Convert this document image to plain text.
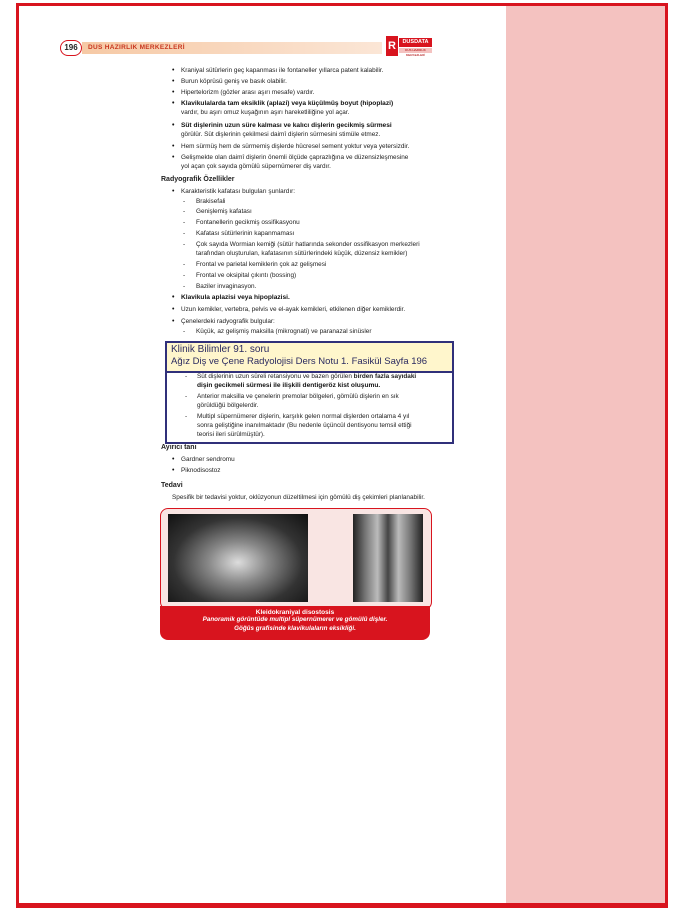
196	DUS HAZIRLIK MERKEZLERİ	R	DUSDATA
DUS HAZIRLIK MERKEZLERİ
• Kraniyal sütürlerin geç kapanması ile fontaneller yıllarca patent kalabilir.
• Burun köprüsü geniş ve basık olabilir.
• Hipertelorizm (gözler arası aşırı mesafe) vardır.
• Klavikulalarda tam eksiklik (aplazi) veya küçülmüş boyut (hipoplazi)
vardır, bu aşırı omuz kuşağının aşırı hareketliliğine yol açar.
• Süt dişlerinin uzun süre kalması ve kalıcı dişlerin gecikmiş sürmesi
görülür. Süt dişlerinin çekilmesi daimî dişlerin sürmesini stimüle etmez.
• Hem sürmüş hem de sürmemiş dişlerde hücresel sement yoktur veya yetersizdir.
• Gelişmekte olan daimî dişlerin önemli ölçüde çaprazlığına ve düzensizleşmesine
yol açan çok sayıda gömülü süpernümerer diş vardır.
Radyografik Özellikler
• Karakteristik kafatası bulguları şunlardır:
- Brakisefali
- Genişlemiş kafatası
- Fontanellerin gecikmiş ossifikasyonu
- Kafatası sütürlerinin kapanmaması
- Çok sayıda Wormian kemiği (sütür hatlarında sekonder ossifikasyon merkezleri
tarafından oluşturulan, kafatasının sütürlerindeki küçük, düzensiz kemikler)
- Frontal ve parietal kemiklerin çok az gelişmesi
- Frontal ve oksipital çıkıntı (bossing)
- Baziler invaginasyon.
• Klavikula aplazisi veya hipoplazisi.
• Uzun kemikler, vertebra, pelvis ve el-ayak kemikleri, etkilenen diğer kemiklerdir.
• Çenelerdeki radyografik bulgular:
- Küçük, az gelişmiş maksilla (mikrognati) ve paranazal sinüsler
Klinik Bilimler 91. soru
Ağız Diş ve Çene Radyolojisi Ders Notu 1. Fasikül Sayfa 196
- Süt dişlerinin uzun süreli retansiyonu ve bazen görülen birden fazla sayıdaki
dişin gecikmeli sürmesi ile ilişkili dentigeröz kist oluşumu.
- Anterior maksilla ve çenelerin premolar bölgeleri, gömülü dişlerin en sık
görüldüğü bölgelerdir.
- Multipl süpernümerer dişlerin, karşılık gelen normal dişlerden ortalama 4 yıl
sonra geliştiğine inanılmaktadır (Bu nedenle üçüncül dentisyonu temsil ettiği
teorisi ileri sürülmüştür).
Ayırıcı tanı
• Gardner sendromu
• Piknodisostoz
Tedavi
Spesifik bir tedavisi yoktur, oklüzyonun düzeltilmesi için gömülü diş çekimleri planlanabilir.
Kleidokraniyal disostosis
Panoramik görüntüde multipl süpernümerer ve gömülü dişler.
Göğüs grafisinde klavikulaların eksikliği.
